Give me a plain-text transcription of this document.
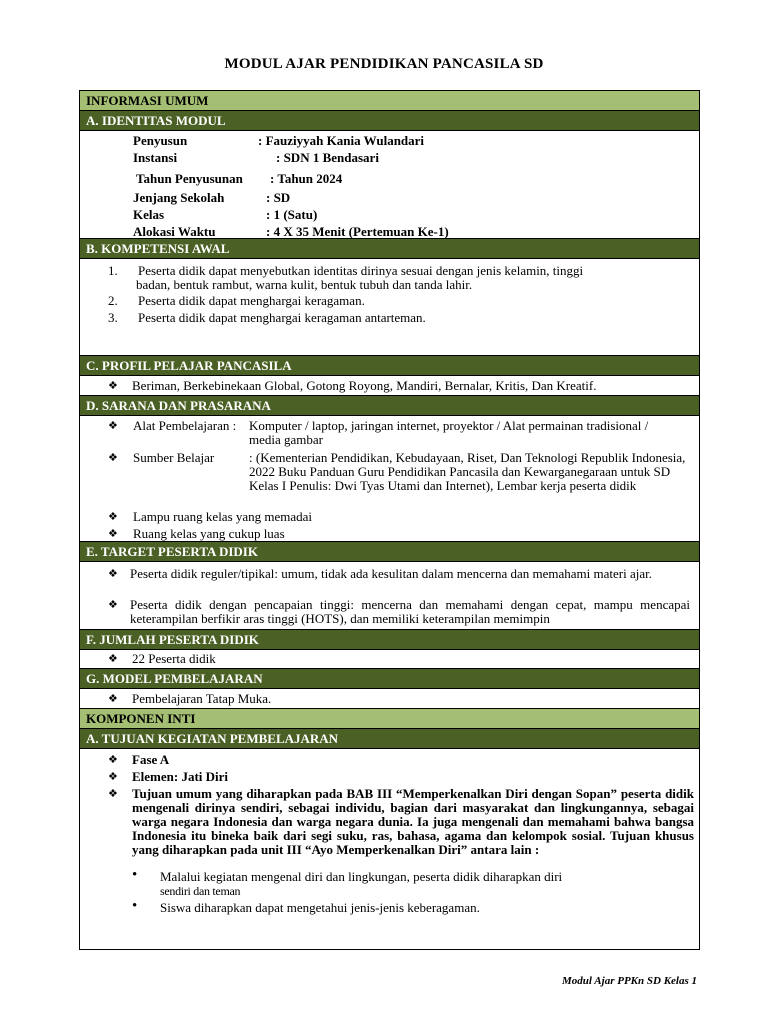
MODUL AJAR PENDIDIKAN PANCASILA SD
INFORMASI UMUM
A. IDENTITAS MODUL
Penyusun	: Fauziyyah Kania Wulandari
Instansi	: SDN 1 Bendasari
Tahun Penyusunan : Tahun 2024
Jenjang Sekolah	: SD
Kelas	: 1 (Satu)
Alokasi Waktu	: 4 X 35 Menit (Pertemuan Ke-1)
B. KOMPETENSI AWAL
1. Peserta didik dapat menyebutkan identitas dirinya sesuai dengan jenis kelamin, tinggi
badan, bentuk rambut, warna kulit, bentuk tubuh dan tanda lahir.
2. Peserta didik dapat menghargai keragaman.
3. Peserta didik dapat menghargai keragaman antarteman.
C. PROFIL PELAJAR PANCASILA
❖ Beriman, Berkebinekaan Global, Gotong Royong, Mandiri, Bernalar, Kritis, Dan Kreatif.
D. SARANA DAN PRASARANA
❖ Alat Pembelajaran : Komputer / laptop, jaringan internet, proyektor / Alat permainan tradisional / media gambar
❖ Sumber Belajar	: (Kementerian Pendidikan, Kebudayaan, Riset, Dan Teknologi Republik Indonesia, 2022 Buku Panduan Guru Pendidikan Pancasila dan Kewarganegaraan untuk SD Kelas I Penulis: Dwi Tyas Utami dan Internet), Lembar kerja peserta didik
❖ Lampu ruang kelas yang memadai
❖ Ruang kelas yang cukup luas
E. TARGET PESERTA DIDIK
❖ Peserta didik reguler/tipikal: umum, tidak ada kesulitan dalam mencerna dan memahami materi ajar.
❖ Peserta didik dengan pencapaian tinggi: mencerna dan memahami dengan cepat, mampu mencapai keterampilan berfikir aras tinggi (HOTS), dan memiliki keterampilan memimpin
F. JUMLAH PESERTA DIDIK
❖ 22 Peserta didik
G. MODEL PEMBELAJARAN
❖ Pembelajaran Tatap Muka.
KOMPONEN INTI
A. TUJUAN KEGIATAN PEMBELAJARAN
❖ Fase A
❖ Elemen: Jati Diri
❖ Tujuan umum yang diharapkan pada BAB III “Memperkenalkan Diri dengan Sopan” peserta didik mengenali dirinya sendiri, sebagai individu, bagian dari masyarakat dan lingkungannya, sebagai warga negara Indonesia dan warga negara dunia. Ia juga mengenali dan memahami bahwa bangsa Indonesia itu bineka baik dari segi suku, ras, bahasa, agama dan kelompok sosial. Tujuan khusus yang diharapkan pada unit III “Ayo Memperkenalkan Diri” antara lain :
• Malalui kegiatan mengenal diri dan lingkungan, peserta didik diharapkan diri
sendiri dan teman
• Siswa diharapkan dapat mengetahui jenis-jenis keberagaman.
Modul Ajar PPKn SD Kelas 1
